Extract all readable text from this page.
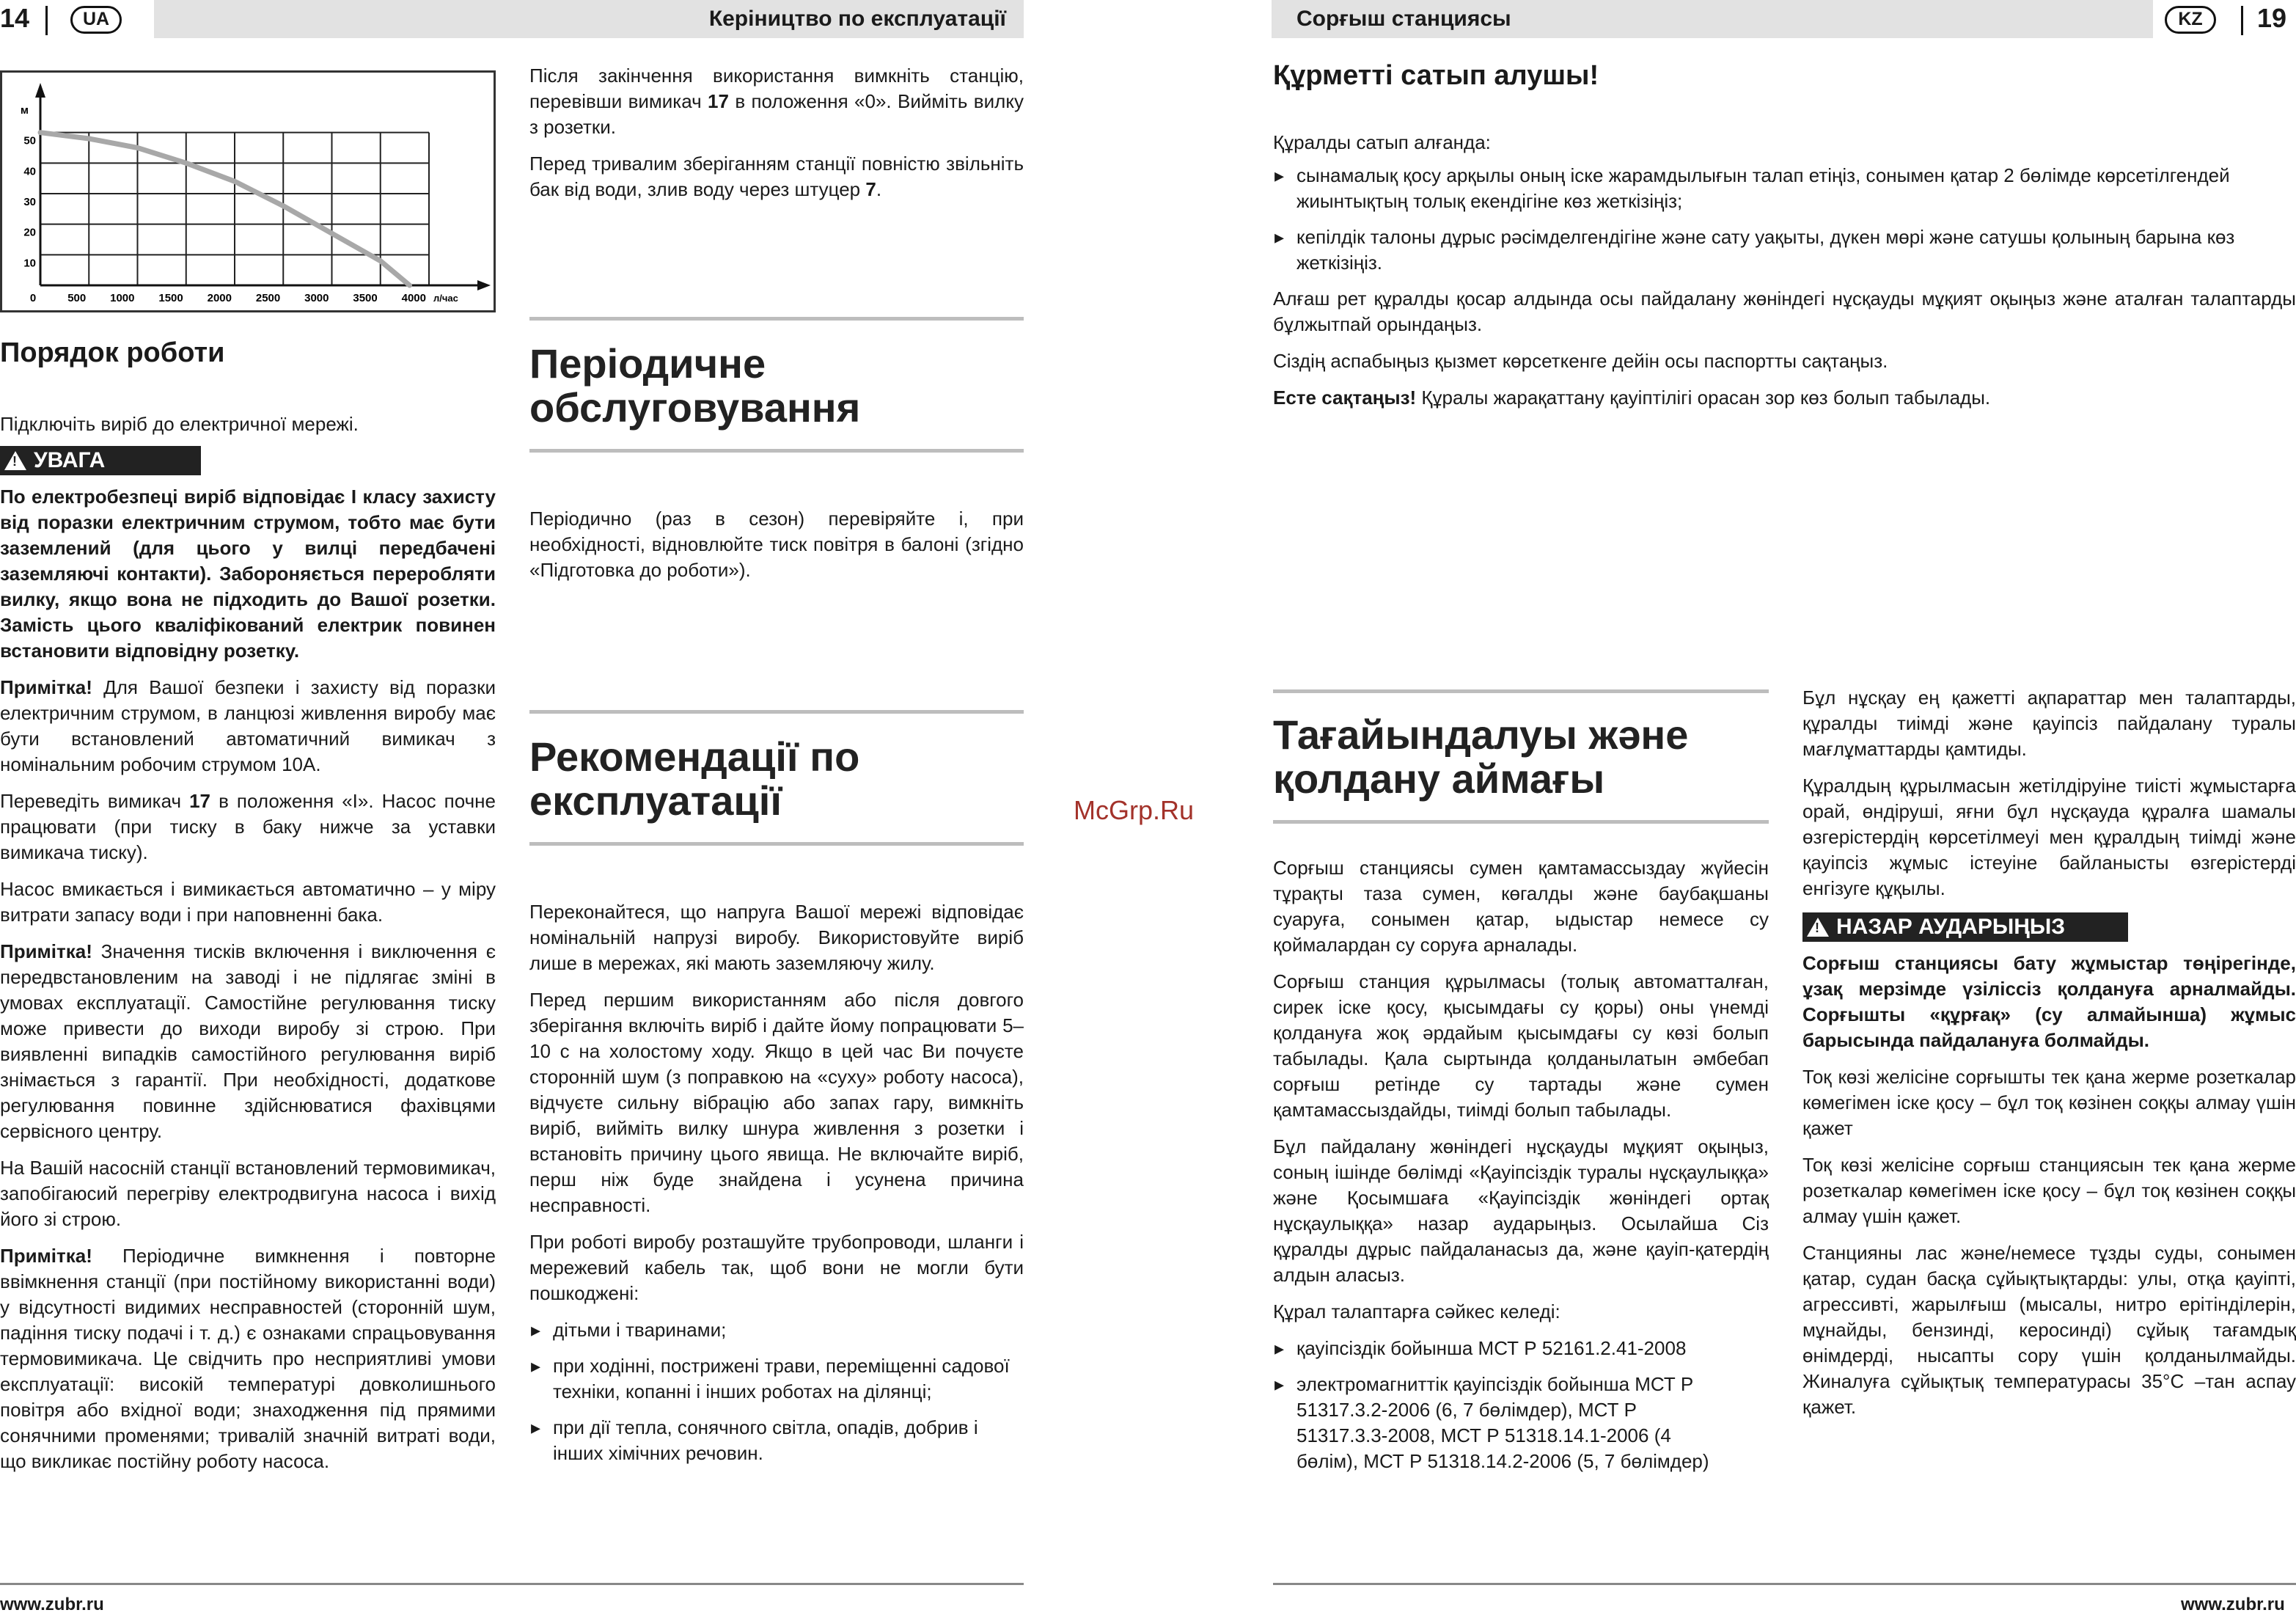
14	UA	Керіництво по експлуатації
0	500 1000 1500 2000 2500 3000 3500 4000
10
20
30
40
50
м
л/час
Порядок роботи

Підключіть виріб до електричної мережі.

! УВАГА

По електробезпеці виріб відповідає I класу захисту від поразки електричним струмом, тобто має бути заземлений (для цього у вилці передбачені заземляючі контакти). Забороняється переробляти вилку, якщо вона не підходить до Вашої розетки. Замість цього кваліфікований електрик повинен встановити відповідну розетку.

Примітка! Для Вашої безпеки і захисту від поразки електричним струмом, в ланцюзі живлення виробу має бути встановлений автоматичний вимикач з номінальним робочим струмом 10А.

Переведіть вимикач 17 в положення «I». Насос почне працювати (при тиску в баку нижче за уставки вимикача тиску).

Насос вмикається і вимикається автоматично – у міру витрати запасу води і при наповненні бака.

Примітка! Значення тисків включення і виключення є передвстановленим на заводі і не підлягає зміні в умовах експлуатації. Самостійне регулювання тиску може привести до виходи виробу зі строю. При виявленні випадків самостійного регулювання виріб знімається з гарантії. При необхідності, додаткове регулювання повинне здійснюватися фахівцями сервісного центру.

На Вашій насосній станції встановлений термовимикач, запобігаюсий перегріву електродвигуна насоса і вихід його зі строю.

Примітка! Періодичне вимкнення і повторне ввімкнення станції (при постійному використанні води) у відсутності видимих несправностей (сторонній шум, падіння тиску подачі і т. д.) є ознаками спрацьовування термовимикача. Це свідчить про несприятливі умови експлуатації: високій температурі довколишнього повітря або вхідної води; знаходження під прямими сонячними променями; тривалій значній витраті води, що викликає постійну роботу насоса.

Після закінчення використання вимкніть станцію, перевівши вимикач 17 в положення «0». Вийміть вилку з розетки.

Перед тривалим зберіганням станції повністю звільніть бак від води, злив воду через штуцер 7.

Періодичне обслуговування

Періодично (раз в сезон) перевіряйте і, при необхідності, відновлюйте тиск повітря в балоні (згідно «Підготовка до роботи»).

Рекомендації по експлуатації

Переконайтеся, що напруга Вашої мережі відповідає номінальній напрузі виробу. Використовуйте виріб лише в мережах, які мають заземляючу жилу.

Перед першим використанням або після довгого зберігання включіть виріб і дайте йому попрацювати 5–10 с на холостому ходу. Якщо в цей час Ви почуєте сторонній шум (з поправкою на «суху» роботу насоса), відчуєте сильну вібрацію або запах гару, вимкніть виріб, вийміть вилку шнура живлення з розетки і встановіть причину цього явища. Не включайте виріб, перш ніж буде знайдена і усунена причина несправності.

При роботі виробу розташуйте трубопроводи, шланги і мережевий кабель так, щоб вони не могли бути пошкоджені:

▸ дітьми і тваринами;
▸ при ходінні, пострижені трави, переміщенні садової техніки, копанні і інших роботах на ділянці;
▸ при дії тепла, сонячного світла, опадів, добрив і інших хімічних речовин.
www.zubr.ru
McGrp.Ru
Сорғыш станциясы	KZ	19
Құрметті сатып алушы!

Құралды сатып алғанда:

▸ сынамалық қосу арқылы оның іске жарамдылығын талап етіңіз, сонымен қатар 2 бөлімде көрсетілгендей жиынтықтың толық екендігіне көз жеткізіңіз;
▸ кепілдік талоны дұрыс рәсімделгендігіне және сату уақыты, дүкен мөрі және сатушы қолының барына көз жеткізіңіз.

Алғаш рет құралды қосар алдында осы пайдалану жөніндегі нұсқауды мұқият оқыңыз және аталған талаптарды бұлжытпай орындаңыз.

Сіздің аспабыңыз қызмет көрсеткенге дейін осы паспортты сақтаңыз.

Есте сақтаңыз! Құралы жарақаттану қауіптілігі орасан зор көз болып табылады.

Тағайындалуы және қолдану аймағы

Сорғыш станциясы сумен қамтамассыздау жүйесін тұрақты таза сумен, көгалды және баубақшаны суаруға, сонымен қатар, ыдыстар немесе су қоймалардан су соруға арналады.

Сорғыш станция құрылмасы (толық автоматталған, сирек іске қосу, қысымдағы су қоры) оны үнемді қолдануға жоқ әрдайым қысымдағы су көзі болып табылады. Қала сыртында қолданылатын әмбебап сорғыш ретінде су тартады және сумен қамтамассыздайды, тиімді болып табылады.

Бұл пайдалану жөніндегі нұсқауды мұқият оқыңыз, соның ішінде бөлімді «Қауіпсіздік туралы нұсқаулыққа» және Қосымшаға «Қауіпсіздік жөніндегі ортақ нұсқаулыққа» назар аударыңыз. Осылайша Сіз құралды дұрыс пайдаланасыз да, және қауіп-қатердің алдын аласыз.

Құрал талаптарға сәйкес келеді:

▸ қауіпсіздік бойынша МСТ Р 52161.2.41-2008
▸ электромагниттік қауіпсіздік бойынша МСТ Р 51317.3.2-2006 (6, 7 бөлімдер), МСТ Р 51317.3.3-2008, МСТ Р 51318.14.1-2006 (4 бөлім), МСТ Р 51318.14.2-2006 (5, 7 бөлімдер)

Бұл нұсқау ең қажетті ақпараттар мен талаптарды, құралды тиімді және қауіпсіз пайдалану туралы мағлұматтарды қамтиды.

Құралдың құрылмасын жетілдіруіне тиісті жұмыстарға орай, өндіруші, яғни бұл нұсқауда құралға шамалы өзгерістердің көрсетілмеуі мен құралдың тиімді және қауіпсіз жұмыс істеуіне байланысты өзгерістерді енгізуге құқылы.

! НАЗАР АУДАРЫҢЫЗ

Сорғыш станциясы бату жұмыстар төңірегінде, ұзақ мерзімде үзіліссіз қолдануға арналмайды. Сорғышты «құрғақ» (су алмайынша) жұмыс барысында пайдалануға болмайды.

Тоқ көзі желісіне сорғышты тек қана жерме розеткалар көмегімен іске қосу – бұл тоқ көзінен соққы алмау үшін қажет

Тоқ көзі желісіне сорғыш станциясын тек қана жерме розеткалар көмегімен іске қосу – бұл тоқ көзінен соққы алмау үшін қажет.

Станцияны лас және/немесе тұзды суды, сонымен қатар, судан басқа сұйықтықтарды: улы, отқа қауіпті, агрессивті, жарылғыш (мысалы, нитро ерітінділерін, мұнайды, бензинді, керосинді) сұйық тағамдық өнімдерді, нысапты сору үшін қолданылмайды. Жиналуға сұйықтық температурасы 35°C –тан аспау қажет.

www.zubr.ru
